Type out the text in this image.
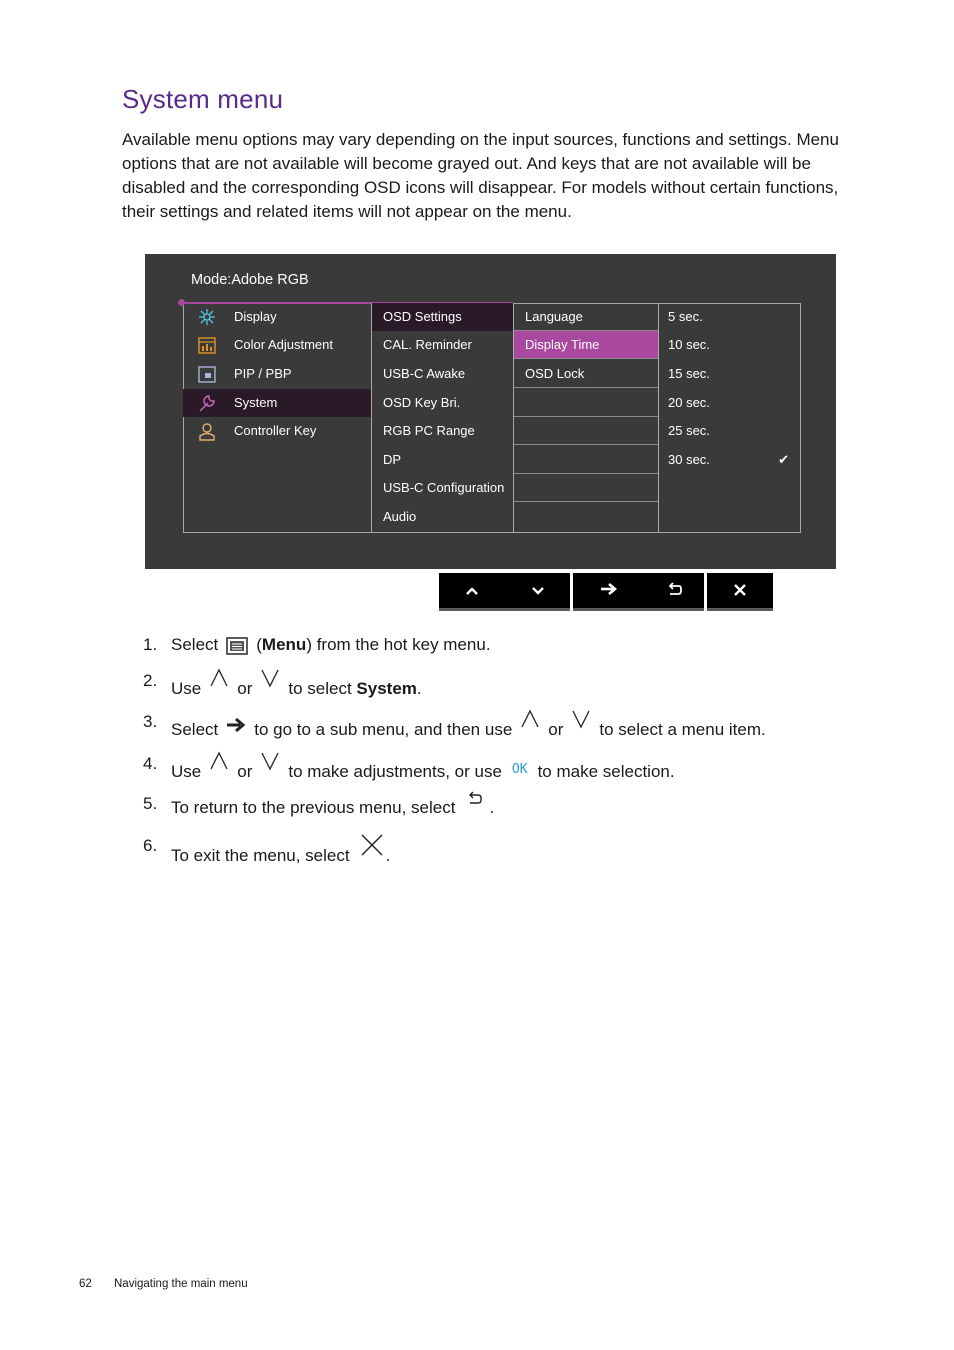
System menu
Available menu options may vary depending on the input sources, functions and settings. Menu options that are not available will become grayed out. And keys that are not available will be disabled and the corresponding OSD icons will disappear. For models without certain functions, their settings and related items will not appear on the menu.
Mode:Adobe RGB
Display
Color Adjustment
PIP / PBP
System
Controller Key
OSD Settings
CAL. Reminder
USB-C Awake
OSD Key Bri.
RGB PC Range
DP
USB-C Configuration
Audio
Language
Display Time
OSD Lock
5 sec.
10 sec.
15 sec.
20 sec.
25 sec.
30 sec.	✔
1. Select (Menu) from the hot key menu.
2. Use or to select System.
3. Select to go to a sub menu, and then use or to select a menu item.
4. Use or to make adjustments, or use $^{OK}$ to make selection.
5. To return to the previous menu, select .
6.
To exit the menu, select .
62 Navigating the main menu
